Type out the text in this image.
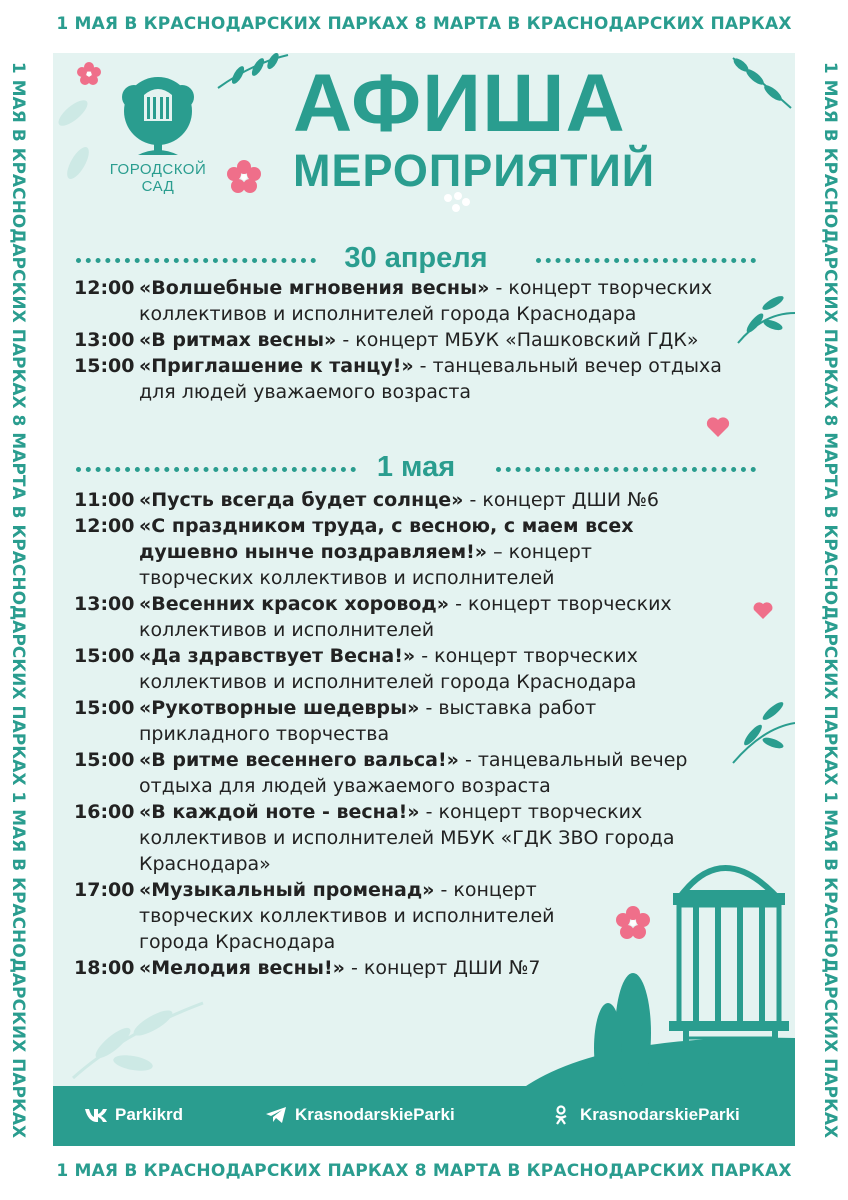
1 МАЯ В КРАСНОДАРСКИХ ПАРКАХ 8 МАРТА В КРАСНОДАРСКИХ ПАРКАХ
1 МАЯ В КРАСНОДАРСКИХ ПАРКАХ 8 МАРТА В КРАСНОДАРСКИХ ПАРКАХ
1 МАЯ В КРАСНОДАРСКИХ ПАРКАХ 8 МАРТА В КРАСНОДАРСКИХ ПАРКАХ 1 МАЯ В КРАСНОДАРСКИХ ПАРКАХ	1 МАЯ В КРАСНОДАРСКИХ ПАРКАХ 8 МАРТА В КРАСНОДАРСКИХ ПАРКАХ 1 МАЯ В КРАСНОДАРСКИХ ПАРКАХ
ГОРОДСКОЙ
САД
АФИША
МЕРОПРИЯТИЙ
30 апреля
12:00 «Волшебные мгновения весны» - концерт творческих коллективов и исполнителей города Краснодара
13:00 «В ритмах весны» - концерт МБУК «Пашковский ГДК»
15:00 «Приглашение к танцу!» - танцевальный вечер отдыха для людей уважаемого возраста
1 мая
11:00 «Пусть всегда будет солнце» - концерт ДШИ №6
12:00 «С праздником труда, с весною, с маем всех душевно нынче поздравляем!» – концерт творческих коллективов и исполнителей
13:00 «Весенних красок хоровод» - концерт творческих коллективов и исполнителей
15:00 «Да здравствует Весна!» - концерт творческих коллективов и исполнителей города Краснодара
15:00 «Рукотворные шедевры» - выставка работ прикладного творчества
15:00 «В ритме весеннего вальса!» - танцевальный вечер отдыха для людей уважаемого возраста
16:00 «В каждой ноте - весна!» - концерт творческих коллективов и исполнителей МБУК «ГДК ЗВО города Краснодара»
17:00 «Музыкальный променад» - концерт творческих коллективов и исполнителей города Краснодара
18:00 «Мелодия весны!» - концерт ДШИ №7
Parkikrd	KrasnodarskieParki	KrasnodarskieParki
